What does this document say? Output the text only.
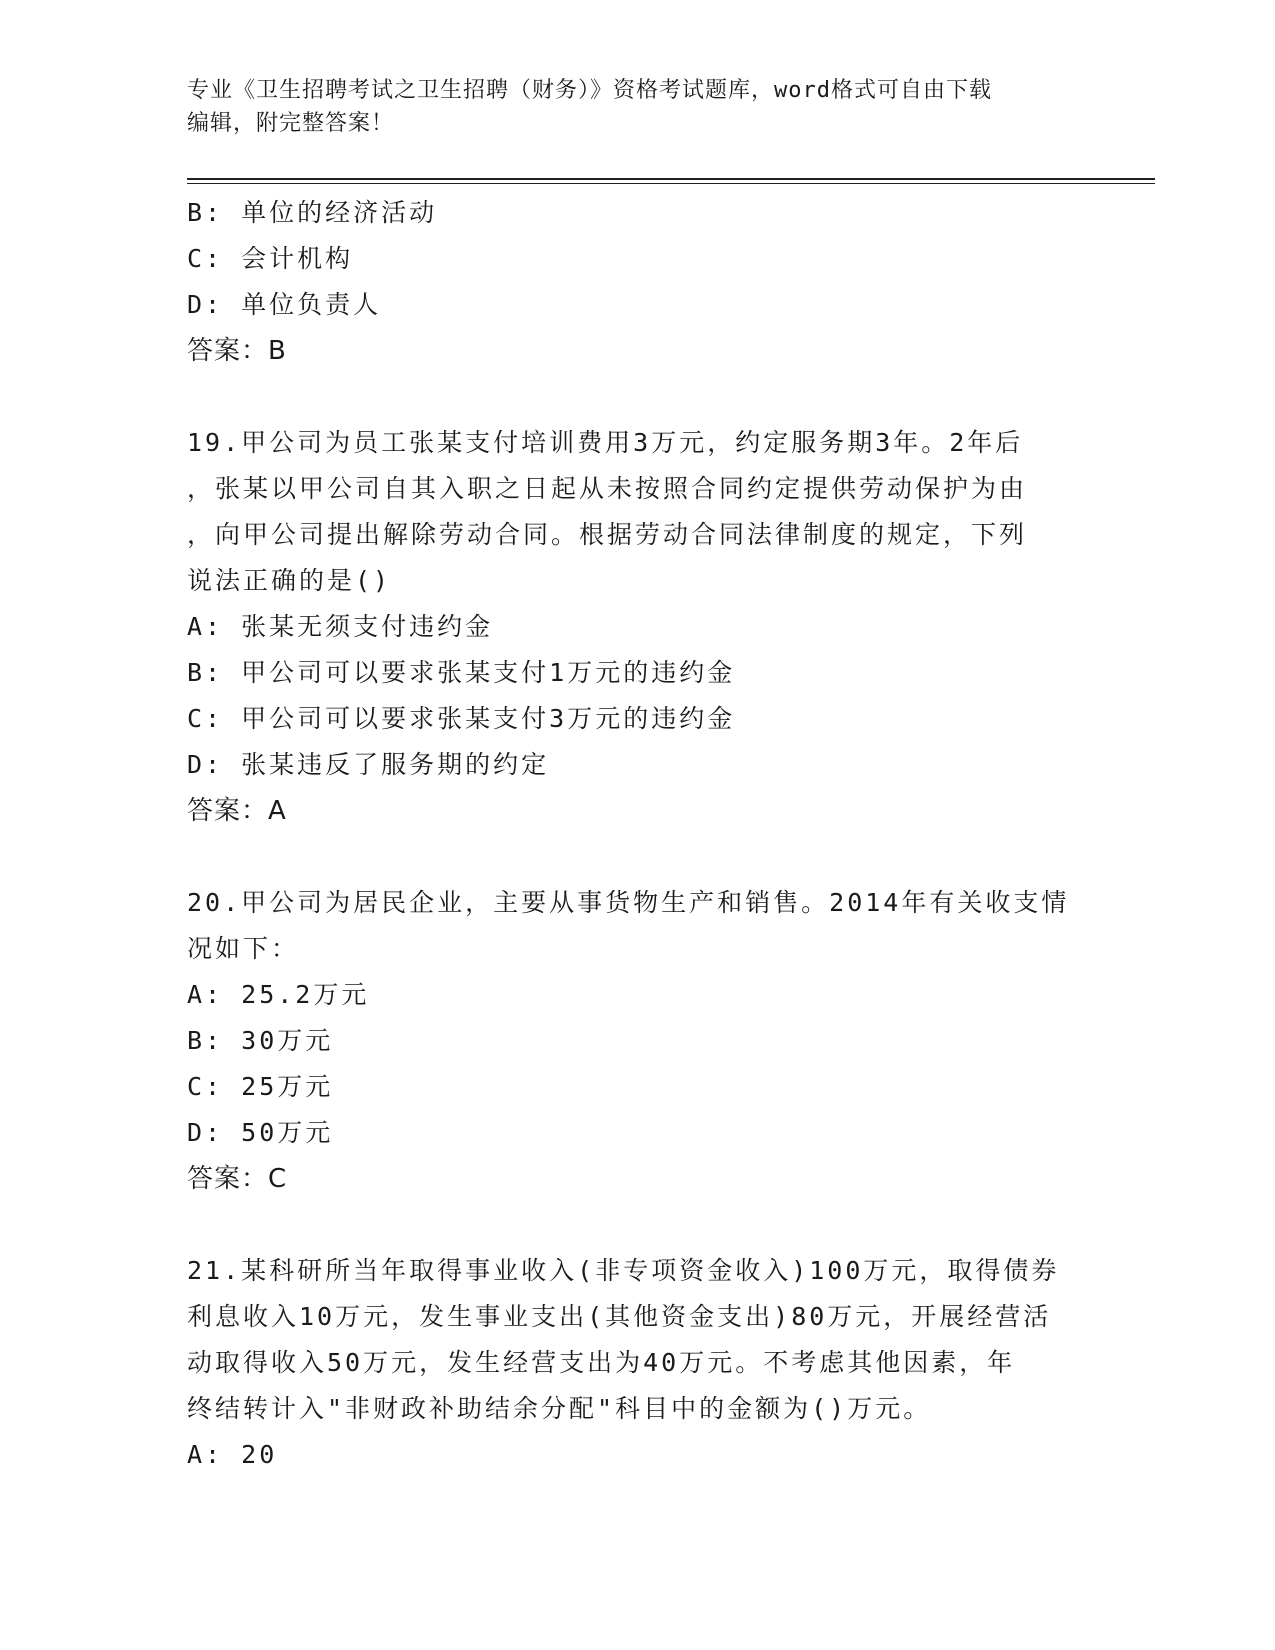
专业《卫生招聘考试之卫生招聘（财务）》资格考试题库，word格式可自由下载
编辑，附完整答案！
B: 单位的经济活动
C: 会计机构
D: 单位负责人
答案：B
19.甲公司为员工张某支付培训费用3万元，约定服务期3年。2年后
，张某以甲公司自其入职之日起从未按照合同约定提供劳动保护为由
，向甲公司提出解除劳动合同。根据劳动合同法律制度的规定，下列
说法正确的是()
A: 张某无须支付违约金
B: 甲公司可以要求张某支付1万元的违约金
C: 甲公司可以要求张某支付3万元的违约金
D: 张某违反了服务期的约定
答案：A
20.甲公司为居民企业，主要从事货物生产和销售。2014年有关收支情
况如下：
A: 25.2万元
B: 30万元
C: 25万元
D: 50万元
答案：C
21.某科研所当年取得事业收入(非专项资金收入)100万元，取得债券
利息收入10万元，发生事业支出(其他资金支出)80万元，开展经营活
动取得收入50万元，发生经营支出为40万元。不考虑其他因素，年
终结转计入"非财政补助结余分配"科目中的金额为()万元。
A: 20
